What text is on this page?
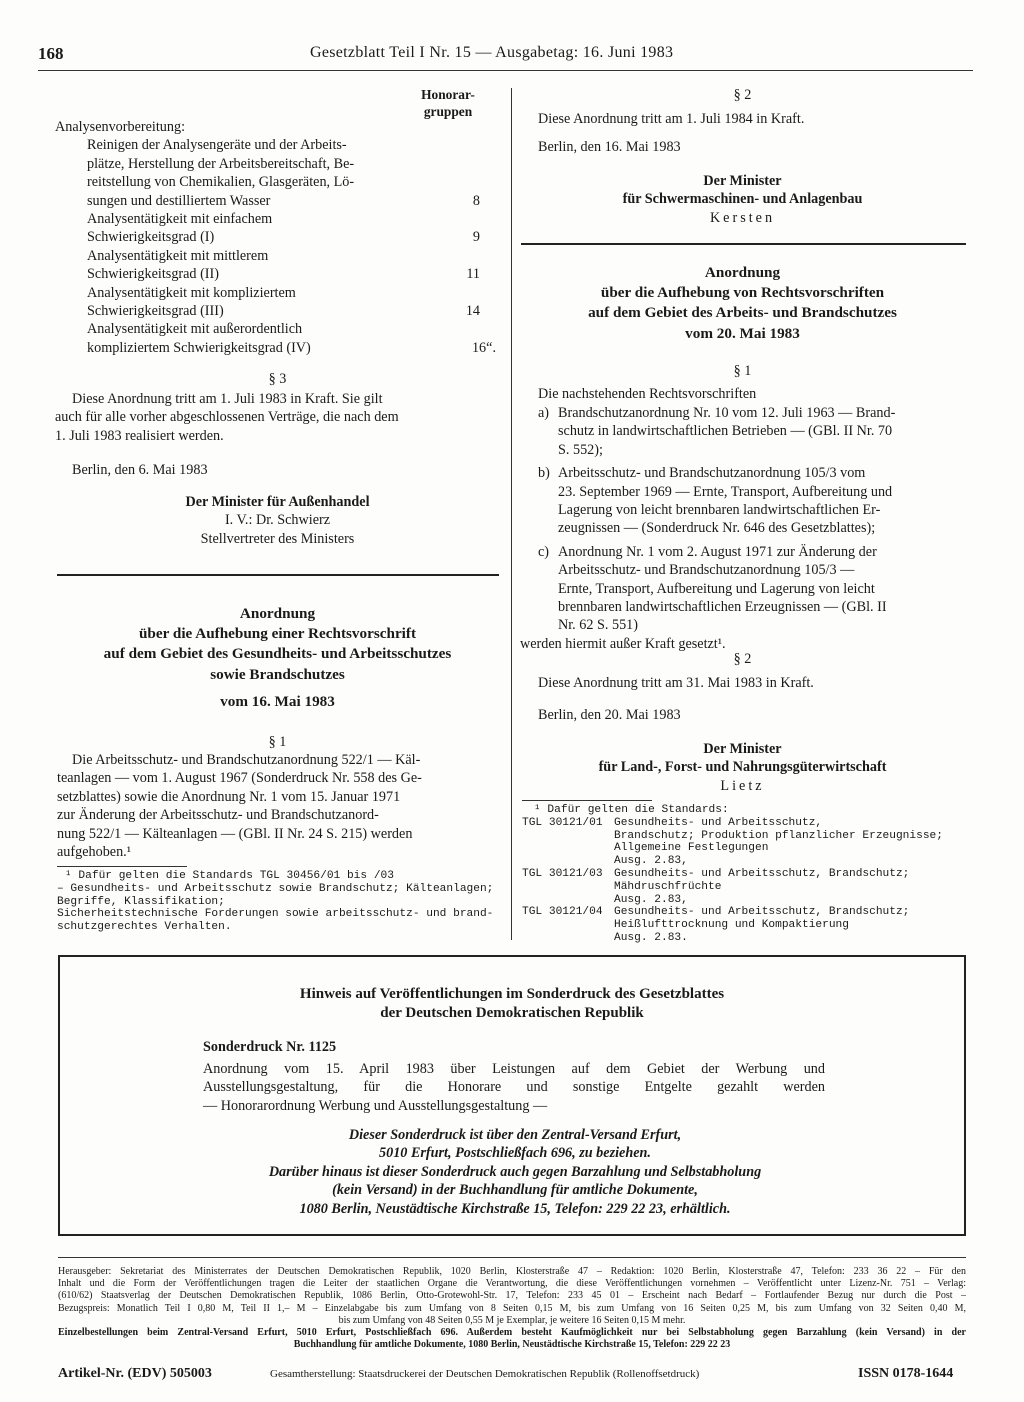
168	Gesetzblatt Teil I Nr. 15 — Ausgabetag: 16. Juni 1983
Honorar-
gruppen
Analysenvorbereitung:
Reinigen der Analysengeräte und der Arbeits-
plätze, Herstellung der Arbeitsbereitschaft, Be-
reitstellung von Chemikalien, Glasgeräten, Lö-
sungen und destilliertem Wasser	8
Analysentätigkeit mit einfachem
Schwierigkeitsgrad (I)	9
Analysentätigkeit mit mittlerem
Schwierigkeitsgrad (II)	11
Analysentätigkeit mit kompliziertem
Schwierigkeitsgrad (III)	14
Analysentätigkeit mit außerordentlich
kompliziertem Schwierigkeitsgrad (IV)	16“.
§ 3
Diese Anordnung tritt am 1. Juli 1983 in Kraft. Sie gilt
auch für alle vorher abgeschlossenen Verträge, die nach dem
1. Juli 1983 realisiert werden.
Berlin, den 6. Mai 1983
Der Minister für Außenhandel
I. V.: Dr. Schwierz
Stellvertreter des Ministers
Anordnung
über die Aufhebung einer Rechtsvorschrift
auf dem Gebiet des Gesundheits- und Arbeitsschutzes
sowie Brandschutzes
vom 16. Mai 1983
§ 1
Die Arbeitsschutz- und Brandschutzanordnung 522/1 — Käl-
teanlagen — vom 1. August 1967 (Sonderdruck Nr. 558 des Ge-
setzblattes) sowie die Anordnung Nr. 1 vom 15. Januar 1971
zur Änderung der Arbeitsschutz- und Brandschutzanord-
nung 522/1 — Kälteanlagen — (GBl. II Nr. 24 S. 215) werden
aufgehoben.¹
¹ Dafür gelten die Standards TGL 30456/01 bis /03
– Gesundheits- und Arbeitsschutz sowie Brandschutz; Kälteanlagen;
Begriffe, Klassifikation;
Sicherheitstechnische Forderungen sowie arbeitsschutz- und brand-
schutzgerechtes Verhalten.
§ 2
Diese Anordnung tritt am 1. Juli 1984 in Kraft.
Berlin, den 16. Mai 1983
Der Minister
für Schwermaschinen- und Anlagenbau
Kersten
Anordnung
über die Aufhebung von Rechtsvorschriften
auf dem Gebiet des Arbeits- und Brandschutzes
vom 20. Mai 1983
§ 1
Die nachstehenden Rechtsvorschriften
a) Brandschutzanordnung Nr. 10 vom 12. Juli 1963 — Brand-
schutz in landwirtschaftlichen Betrieben — (GBl. II Nr. 70
S. 552);
b) Arbeitsschutz- und Brandschutzanordnung 105/3 vom
23. September 1969 — Ernte, Transport, Aufbereitung und
Lagerung von leicht brennbaren landwirtschaftlichen Er-
zeugnissen — (Sonderdruck Nr. 646 des Gesetzblattes);
c) Anordnung Nr. 1 vom 2. August 1971 zur Änderung der
Arbeitsschutz- und Brandschutzanordnung 105/3 —
Ernte, Transport, Aufbereitung und Lagerung von leicht
brennbaren landwirtschaftlichen Erzeugnissen — (GBl. II
Nr. 62 S. 551)
werden hiermit außer Kraft gesetzt¹.
§ 2
Diese Anordnung tritt am 31. Mai 1983 in Kraft.
Berlin, den 20. Mai 1983
Der Minister
für Land-, Forst- und Nahrungsgüterwirtschaft
Lietz
¹ Dafür gelten die Standards:
TGL 30121/01 Gesundheits- und Arbeitsschutz,
Brandschutz; Produktion pflanzlicher Erzeugnisse;
Allgemeine Festlegungen
Ausg. 2.83,
TGL 30121/03 Gesundheits- und Arbeitsschutz, Brandschutz;
Mähdruschfrüchte
Ausg. 2.83,
TGL 30121/04 Gesundheits- und Arbeitsschutz, Brandschutz;
Heißlufttrocknung und Kompaktierung
Ausg. 2.83.
Hinweis auf Veröffentlichungen im Sonderdruck des Gesetzblattes
der Deutschen Demokratischen Republik
Sonderdruck Nr. 1125
Anordnung vom 15. April 1983 über Leistungen auf dem Gebiet der Werbung und
Ausstellungsgestaltung, für die Honorare und sonstige Entgelte gezahlt werden
— Honorarordnung Werbung und Ausstellungsgestaltung —
Dieser Sonderdruck ist über den Zentral-Versand Erfurt,
5010 Erfurt, Postschließfach 696, zu beziehen.
Darüber hinaus ist dieser Sonderdruck auch gegen Barzahlung und Selbstabholung
(kein Versand) in der Buchhandlung für amtliche Dokumente,
1080 Berlin, Neustädtische Kirchstraße 15, Telefon: 229 22 23, erhältlich.
Herausgeber: Sekretariat des Ministerrates der Deutschen Demokratischen Republik, 1020 Berlin, Klosterstraße 47 – Redaktion: 1020 Berlin, Klosterstraße 47, Telefon: 233 36 22 – Für den
Inhalt und die Form der Veröffentlichungen tragen die Leiter der staatlichen Organe die Verantwortung, die diese Veröffentlichungen vornehmen – Veröffentlicht unter Lizenz-Nr. 751 – Verlag:
(610/62) Staatsverlag der Deutschen Demokratischen Republik, 1086 Berlin, Otto-Grotewohl-Str. 17, Telefon: 233 45 01 – Erscheint nach Bedarf – Fortlaufender Bezug nur durch die Post –
Bezugspreis: Monatlich Teil I 0,80 M, Teil II 1,– M – Einzelabgabe bis zum Umfang von 8 Seiten 0,15 M, bis zum Umfang von 16 Seiten 0,25 M, bis zum Umfang von 32 Seiten 0,40 M,
bis zum Umfang von 48 Seiten 0,55 M je Exemplar, je weitere 16 Seiten 0,15 M mehr.
Einzelbestellungen beim Zentral-Versand Erfurt, 5010 Erfurt, Postschließfach 696. Außerdem besteht Kaufmöglichkeit nur bei Selbstabholung gegen Barzahlung (kein Versand) in der
Buchhandlung für amtliche Dokumente, 1080 Berlin, Neustädtische Kirchstraße 15, Telefon: 229 22 23
Artikel-Nr. (EDV) 505003	Gesamtherstellung: Staatsdruckerei der Deutschen Demokratischen Republik (Rollenoffsetdruck)	ISSN 0178-1644
